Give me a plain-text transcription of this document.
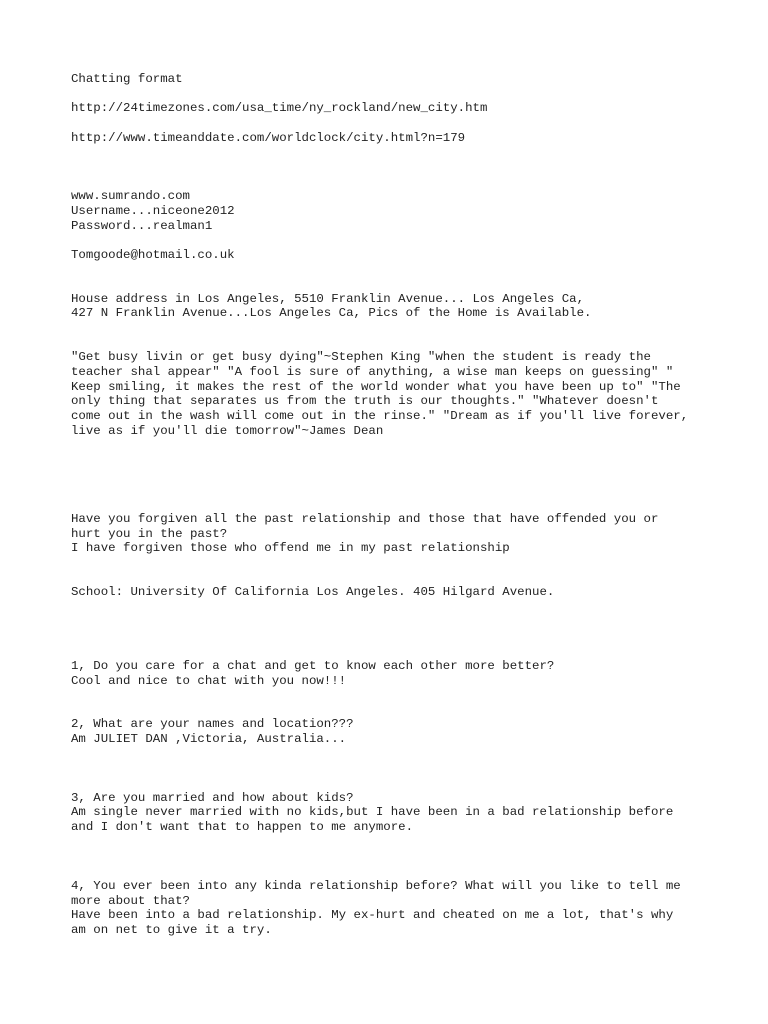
Chatting format

http://24timezones.com/usa_time/ny_rockland/new_city.htm

http://www.timeanddate.com/worldclock/city.html?n=179

www.sumrando.com

Username...niceone2012

Password...realman1

Tomgoode@hotmail.co.uk

House address in Los Angeles, 5510 Franklin Avenue... Los Angeles Ca,

427 N Franklin Avenue...Los Angeles Ca, Pics of the Home is Available.

"Get busy livin or get busy dying"~Stephen King "when the student is ready the

teacher shal appear" "A fool is sure of anything, a wise man keeps on guessing" "

Keep smiling, it makes the rest of the world wonder what you have been up to" "The

only thing that separates us from the truth is our thoughts." "Whatever doesn't

come out in the wash will come out in the rinse." "Dream as if you'll live forever,

live as if you'll die tomorrow"~James Dean

Have you forgiven all the past relationship and those that have offended you or

hurt you in the past?

I have forgiven those who offend me in my past relationship

School: University Of California Los Angeles. 405 Hilgard Avenue.

1, Do you care for a chat and get to know each other more better?

Cool and nice to chat with you now!!!

2, What are your names and location???

Am JULIET DAN ,Victoria, Australia...

3, Are you married and how about kids?

Am single never married with no kids,but I have been in a bad relationship before

and I don't want that to happen to me anymore.

4, You ever been into any kinda relationship before? What will you like to tell me

more about that?

Have been into a bad relationship. My ex-hurt and cheated on me a lot, that's why

am on net to give it a try.
